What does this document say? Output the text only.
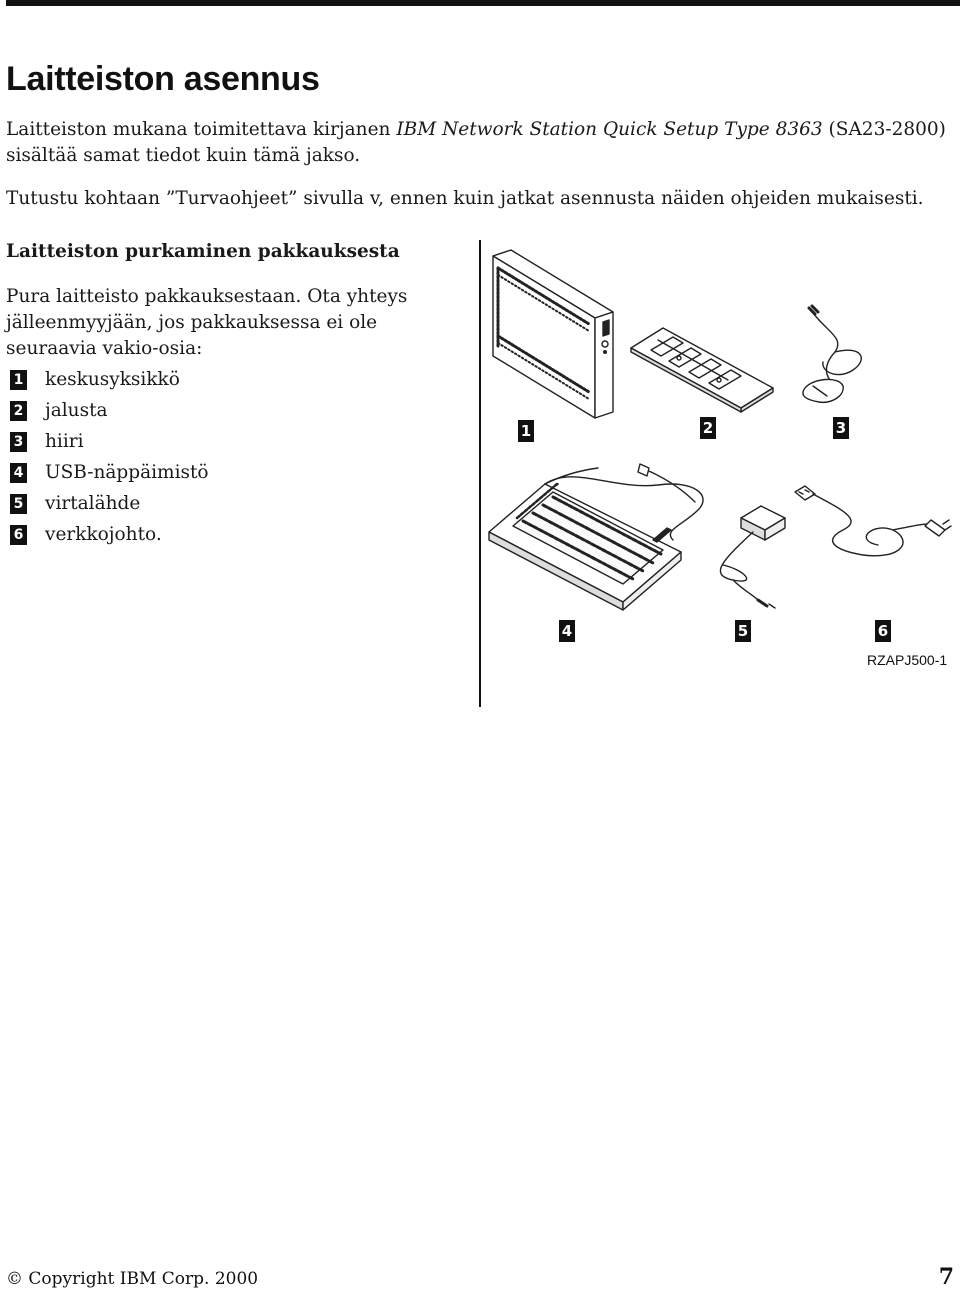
Laitteiston asennus

Laitteiston mukana toimitettava kirjanen IBM Network Station Quick Setup Type 8363 (SA23-2800) sisältää samat tiedot kuin tämä jakso.

Tutustu kohtaan ”Turvaohjeet” sivulla v, ennen kuin jatkat asennusta näiden ohjeiden mukaisesti.

Laitteiston purkaminen pakkauksesta

Pura laitteisto pakkauksestaan. Ota yhteys jälleenmyyjään, jos pakkauksessa ei ole seuraavia vakio-osia:

1 keskusyksikkö
2 jalusta
3 hiiri
4 USB-näppäimistö
5 virtalähde
6 verkkojohto.
1	2	3
4	5	6
RZAPJ500-1
© Copyright IBM Corp. 2000	7
